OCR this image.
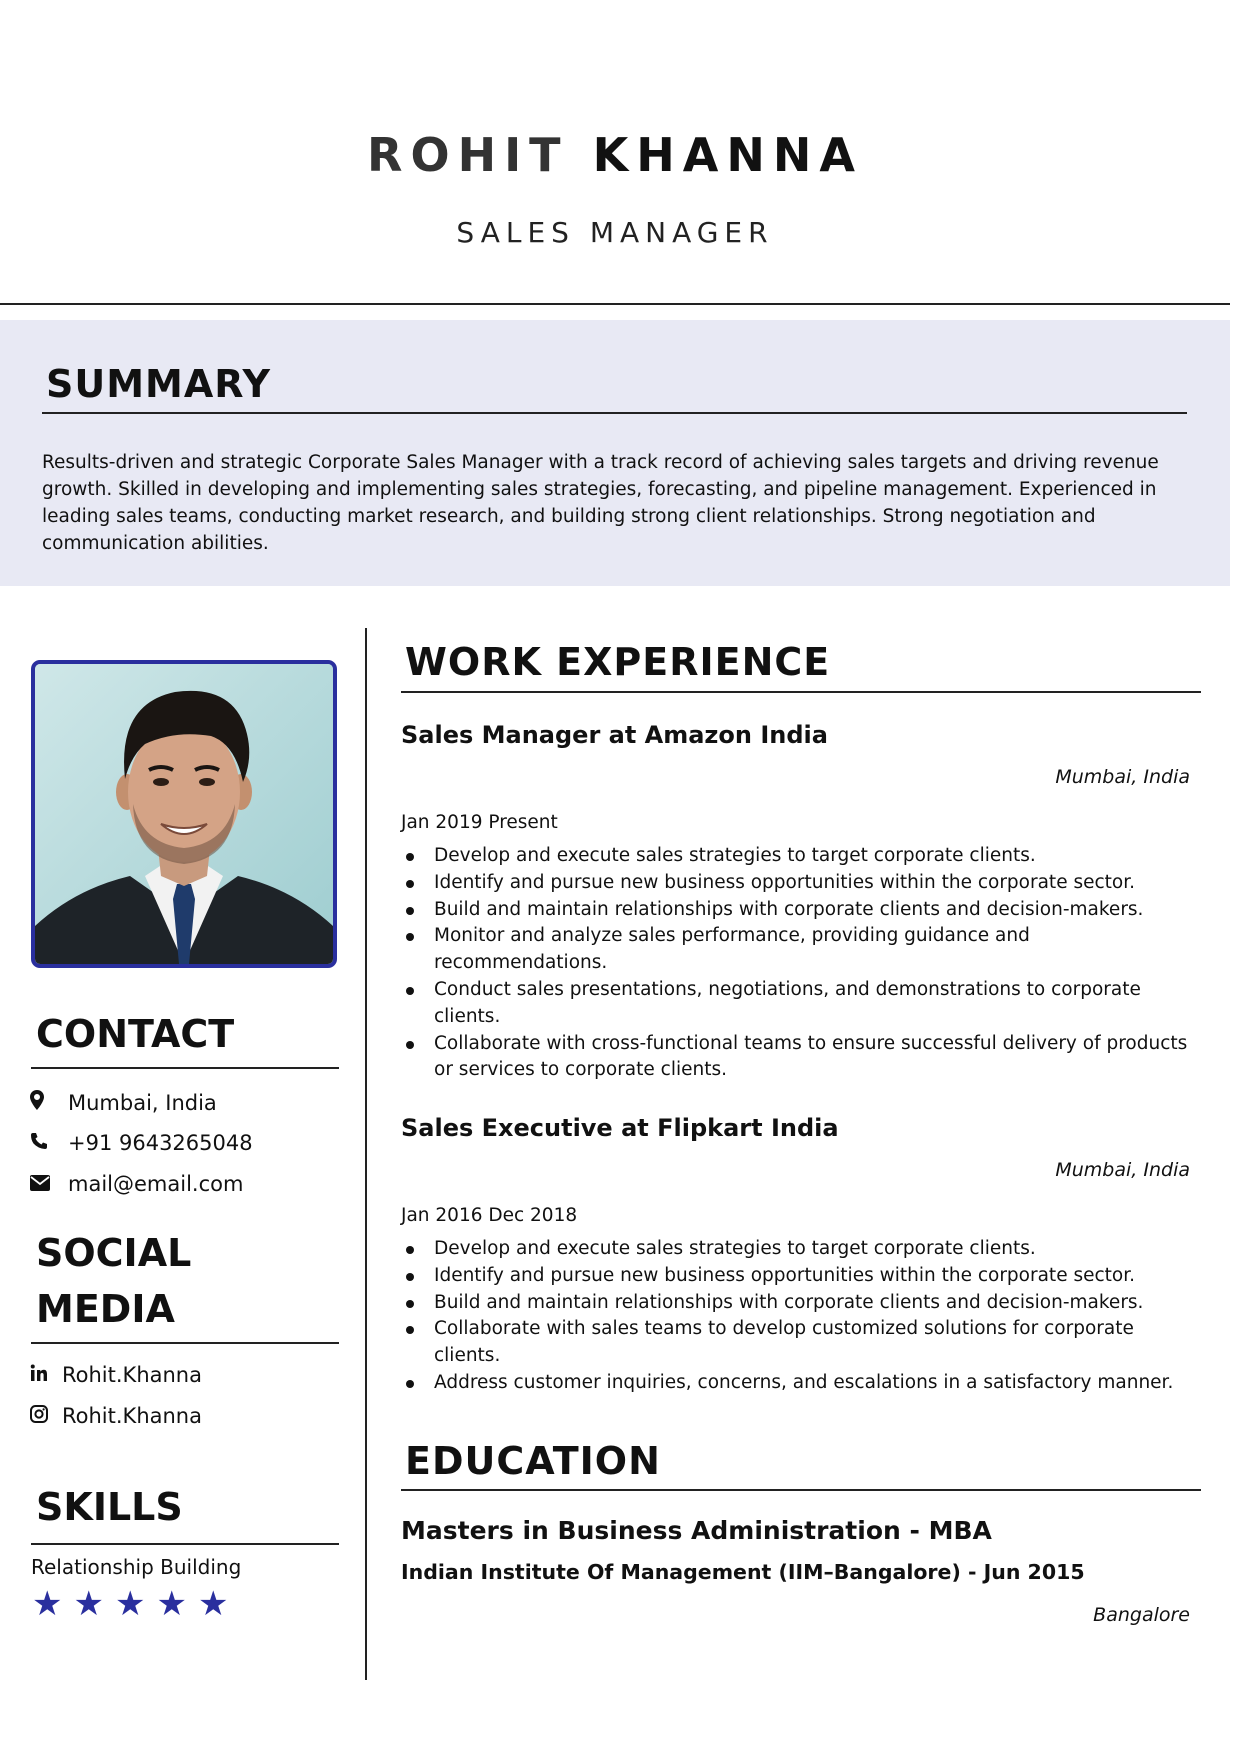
ROHIT KHANNA
SALES MANAGER
SUMMARY

Results-driven and strategic Corporate Sales Manager with a track record of achieving sales targets and driving revenue growth. Skilled in developing and implementing sales strategies, forecasting, and pipeline management. Experienced in leading sales teams, conducting market research, and building strong client relationships. Strong negotiation and communication abilities.

CONTACT
Mumbai, India
+91 9643265048
mail@email.com
SOCIAL
MEDIA
Rohit.Khanna
Rohit.Khanna
SKILLS
Relationship Building
★ ★ ★ ★ ★
WORK EXPERIENCE
Sales Manager at Amazon India
Mumbai, India
Jan 2019 Present
Develop and execute sales strategies to target corporate clients.
Identify and pursue new business opportunities within the corporate sector.
Build and maintain relationships with corporate clients and decision-makers.
Monitor and analyze sales performance, providing guidance and recommendations.
Conduct sales presentations, negotiations, and demonstrations to corporate clients.
Collaborate with cross-functional teams to ensure successful delivery of products or services to corporate clients.
Sales Executive at Flipkart India
Mumbai, India
Jan 2016 Dec 2018
Develop and execute sales strategies to target corporate clients.
Identify and pursue new business opportunities within the corporate sector.
Build and maintain relationships with corporate clients and decision-makers.
Collaborate with sales teams to develop customized solutions for corporate clients.
Address customer inquiries, concerns, and escalations in a satisfactory manner.
EDUCATION
Masters in Business Administration - MBA
Indian Institute Of Management (IIM–Bangalore) - Jun 2015
Bangalore
